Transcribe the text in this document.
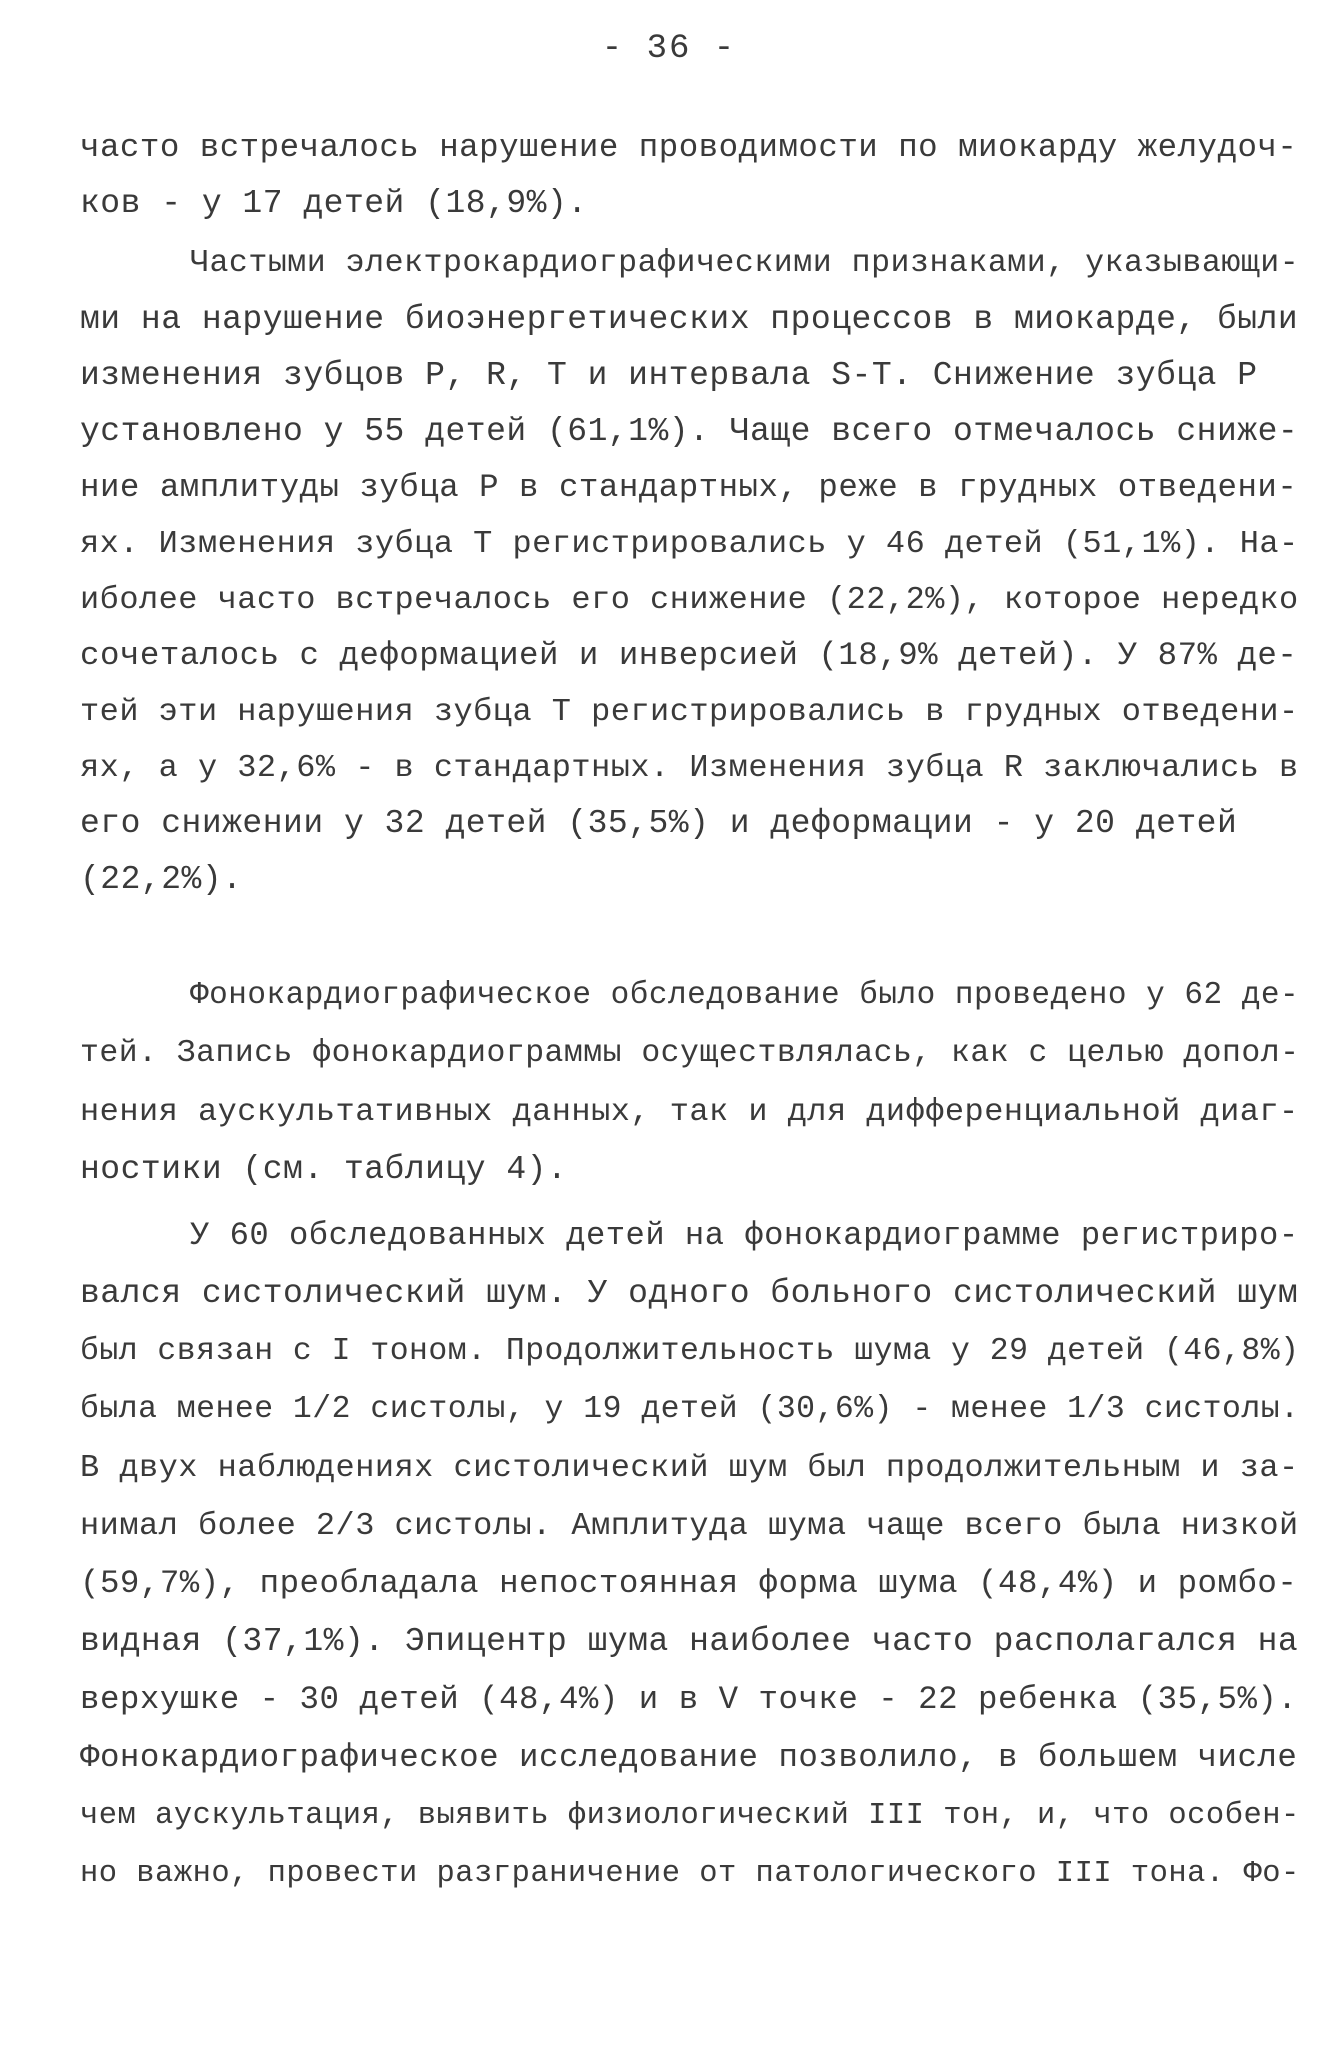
- 36 -
часто встречалось нарушение проводимости по миокарду желудоч-
ков - у 17 детей (18,9%).
Частыми электрокардиографическими признаками, указывающи-
ми на нарушение биоэнергетических процессов в миокарде, были
изменения зубцов P, R, T и интервала S-T. Снижение зубца P
установлено у 55 детей (61,1%). Чаще всего отмечалось сниже-
ние амплитуды зубца P в стандартных, реже в грудных отведени-
ях. Изменения зубца T регистрировались у 46 детей (51,1%). На-
иболее часто встречалось его снижение (22,2%), которое нередко
сочеталось с деформацией и инверсией (18,9% детей). У 87% де-
тей эти нарушения зубца T регистрировались в грудных отведени-
ях, а у 32,6% - в стандартных. Изменения зубца R заключались в
его снижении у 32 детей (35,5%) и деформации - у 20 детей
(22,2%).
Фонокардиографическое обследование было проведено у 62 де-
тей. Запись фонокардиограммы осуществлялась, как с целью допол-
нения аускультативных данных, так и для дифференциальной диаг-
ностики (см. таблицу 4).
У 60 обследованных детей на фонокардиограмме регистриро-
вался систолический шум. У одного больного систолический шум
был связан с I тоном. Продолжительность шума у 29 детей (46,8%)
была менее 1/2 систолы, у 19 детей (30,6%) - менее 1/3 систолы.
В двух наблюдениях систолический шум был продолжительным и за-
нимал более 2/3 систолы. Амплитуда шума чаще всего была низкой
(59,7%), преобладала непостоянная форма шума (48,4%) и ромбо-
видная (37,1%). Эпицентр шума наиболее часто располагался на
верхушке - 30 детей (48,4%) и в V точке - 22 ребенка (35,5%).
Фонокардиографическое исследование позволило, в большем числе
чем аускультация, выявить физиологический III тон, и, что особен-
но важно, провести разграничение от патологического III тона. Фо-
